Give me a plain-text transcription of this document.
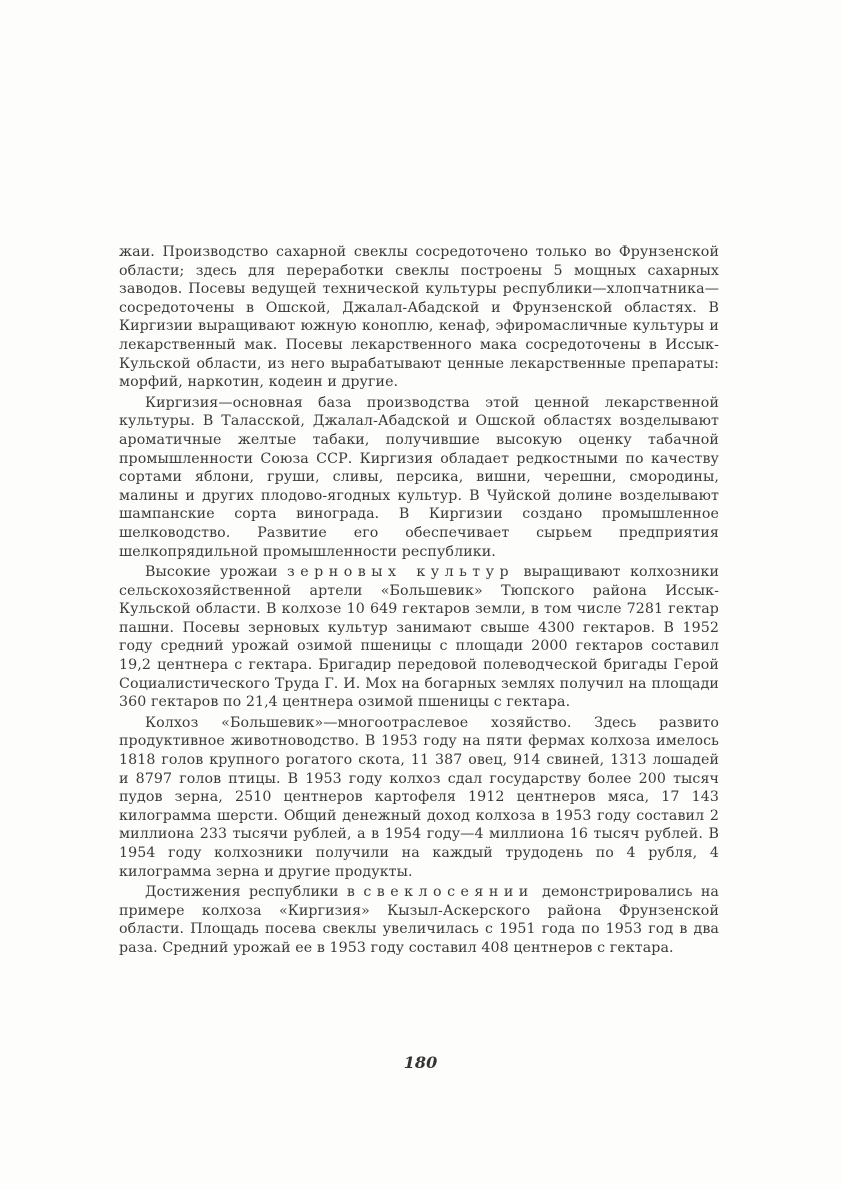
жаи. Производство сахарной свеклы сосредоточено только во Фрунзенской области; здесь для переработки свеклы построены 5 мощных сахарных заводов. Посевы ведущей технической культуры республики—хлопчатника—сосредоточены в Ошской, Джалал-Абадской и Фрунзенской областях. В Киргизии выращивают южную коноплю, кенаф, эфиромасличные культуры и лекарственный мак. Посевы лекарственного мака сосредоточены в Иссык-Кульской области, из него вырабатывают ценные лекарственные препараты: морфий, наркотин, кодеин и другие.

Киргизия—основная база производства этой ценной лекарственной культуры. В Таласской, Джалал-Абадской и Ошской областях возделывают ароматичные желтые табаки, получившие высокую оценку табачной промышленности Союза ССР. Киргизия обладает редкостными по качеству сортами яблони, груши, сливы, персика, вишни, черешни, смородины, малины и других плодово-ягодных культур. В Чуйской долине возделывают шампанские сорта винограда. В Киргизии создано промышленное шелководство. Развитие его обеспечивает сырьем предприятия шелкопрядильной промышленности республики.

Высокие урожаи зерновых культур выращивают колхозники сельскохозяйственной артели «Большевик» Тюпского района Иссык-Кульской области. В колхозе 10 649 гектаров земли, в том числе 7281 гектар пашни. Посевы зерновых культур занимают свыше 4300 гектаров. В 1952 году средний урожай озимой пшеницы с площади 2000 гектаров составил 19,2 центнера с гектара. Бригадир передовой полеводческой бригады Герой Социалистического Труда Г. И. Мох на богарных землях получил на площади 360 гектаров по 21,4 центнера озимой пшеницы с гектара.

Колхоз «Большевик»—многоотраслевое хозяйство. Здесь развито продуктивное животноводство. В 1953 году на пяти фермах колхоза имелось 1818 голов крупного рогатого скота, 11 387 овец, 914 свиней, 1313 лошадей и 8797 голов птицы. В 1953 году колхоз сдал государству более 200 тысяч пудов зерна, 2510 центнеров картофеля 1912 центнеров мяса, 17 143 килограмма шерсти. Общий денежный доход колхоза в 1953 году составил 2 миллиона 233 тысячи рублей, а в 1954 году—4 миллиона 16 тысяч рублей. В 1954 году колхозники получили на каждый трудодень по 4 рубля, 4 килограмма зерна и другие продукты.

Достижения республики в свеклосеянии демонстрировались на примере колхоза «Киргизия» Кызыл-Аскерского района Фрунзенской области. Площадь посева свеклы увеличилась с 1951 года по 1953 год в два раза. Средний урожай ее в 1953 году составил 408 центнеров с гектара.

180
